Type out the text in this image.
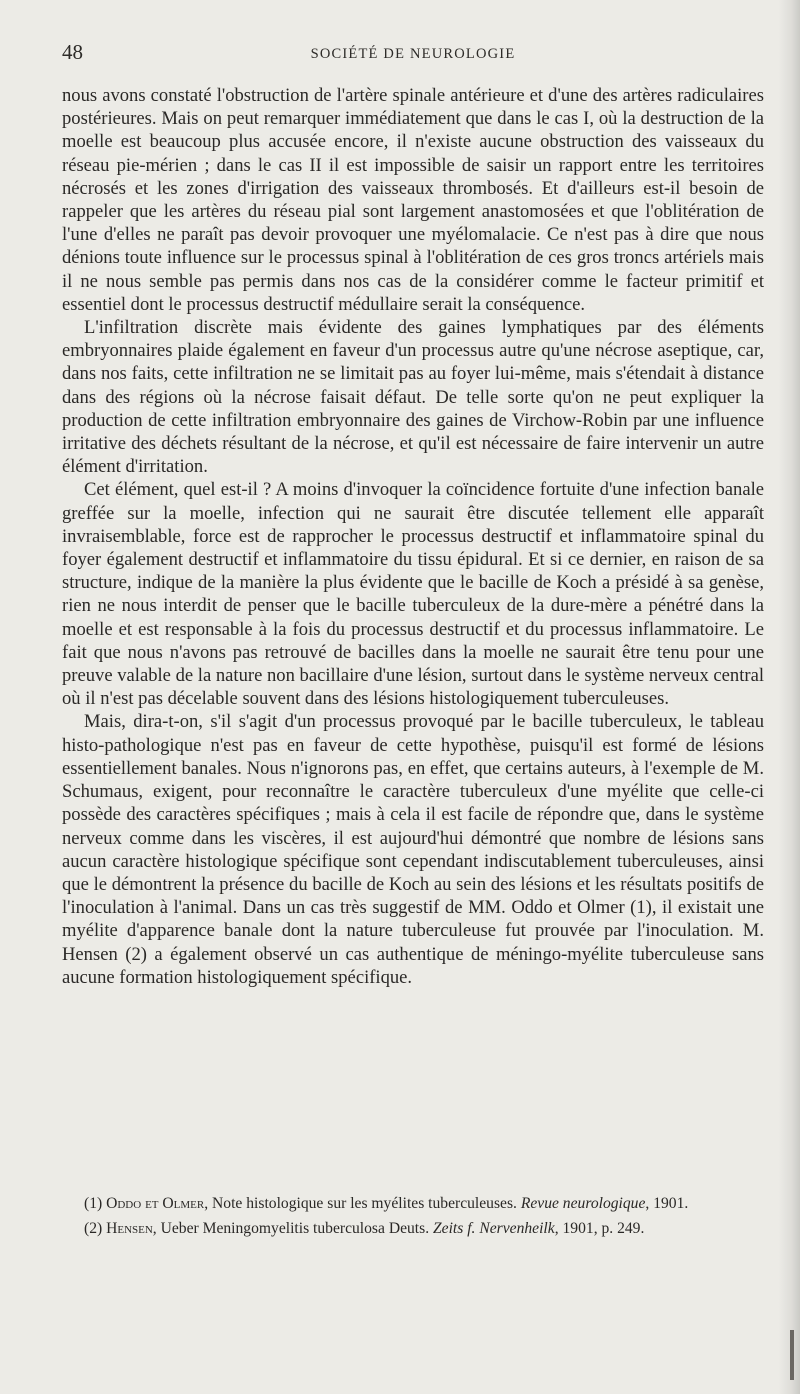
48	SOCIÉTÉ DE NEUROLOGIE

nous avons constaté l'obstruction de l'artère spinale antérieure et d'une des artères radiculaires postérieures. Mais on peut remarquer immédiatement que dans le cas I, où la destruction de la moelle est beaucoup plus accusée encore, il n'existe aucune obstruction des vaisseaux du réseau pie-mérien ; dans le cas II il est impossible de saisir un rapport entre les territoires nécrosés et les zones d'irrigation des vaisseaux thrombosés. Et d'ailleurs est-il besoin de rappeler que les artères du réseau pial sont largement anastomosées et que l'oblitération de l'une d'elles ne paraît pas devoir provoquer une myélomalacie. Ce n'est pas à dire que nous dénions toute influence sur le processus spinal à l'oblitération de ces gros troncs artériels mais il ne nous semble pas permis dans nos cas de la considérer comme le facteur primitif et essentiel dont le processus destructif médullaire serait la conséquence.

L'infiltration discrète mais évidente des gaines lymphatiques par des éléments embryonnaires plaide également en faveur d'un processus autre qu'une nécrose aseptique, car, dans nos faits, cette infiltration ne se limitait pas au foyer lui-même, mais s'étendait à distance dans des régions où la nécrose faisait défaut. De telle sorte qu'on ne peut expliquer la production de cette infiltration embryonnaire des gaines de Virchow-Robin par une influence irritative des déchets résultant de la nécrose, et qu'il est nécessaire de faire intervenir un autre élément d'irritation.

Cet élément, quel est-il ? A moins d'invoquer la coïncidence fortuite d'une infection banale greffée sur la moelle, infection qui ne saurait être discutée tellement elle apparaît invraisemblable, force est de rapprocher le processus destructif et inflammatoire spinal du foyer également destructif et inflammatoire du tissu épidural. Et si ce dernier, en raison de sa structure, indique de la manière la plus évidente que le bacille de Koch a présidé à sa genèse, rien ne nous interdit de penser que le bacille tuberculeux de la dure-mère a pénétré dans la moelle et est responsable à la fois du processus destructif et du processus inflammatoire. Le fait que nous n'avons pas retrouvé de bacilles dans la moelle ne saurait être tenu pour une preuve valable de la nature non bacillaire d'une lésion, surtout dans le système nerveux central où il n'est pas décelable souvent dans des lésions histologiquement tuberculeuses.

Mais, dira-t-on, s'il s'agit d'un processus provoqué par le bacille tuberculeux, le tableau histo-pathologique n'est pas en faveur de cette hypothèse, puisqu'il est formé de lésions essentiellement banales. Nous n'ignorons pas, en effet, que certains auteurs, à l'exemple de M. Schumaus, exigent, pour reconnaître le caractère tuberculeux d'une myélite que celle-ci possède des caractères spécifiques ; mais à cela il est facile de répondre que, dans le système nerveux comme dans les viscères, il est aujourd'hui démontré que nombre de lésions sans aucun caractère histologique spécifique sont cependant indiscutablement tuberculeuses, ainsi que le démontrent la présence du bacille de Koch au sein des lésions et les résultats positifs de l'inoculation à l'animal. Dans un cas très suggestif de MM. Oddo et Olmer (1), il existait une myélite d'apparence banale dont la nature tuberculeuse fut prouvée par l'inoculation. M. Hensen (2) a également observé un cas authentique de méningo-myélite tuberculeuse sans aucune formation histologiquement spécifique.

(1) Oddo et Olmer, Note histologique sur les myélites tuberculeuses. Revue neurologique, 1901.

(2) Hensen, Ueber Meningomyelitis tuberculosa Deuts. Zeits f. Nervenheilk, 1901, p. 249.
